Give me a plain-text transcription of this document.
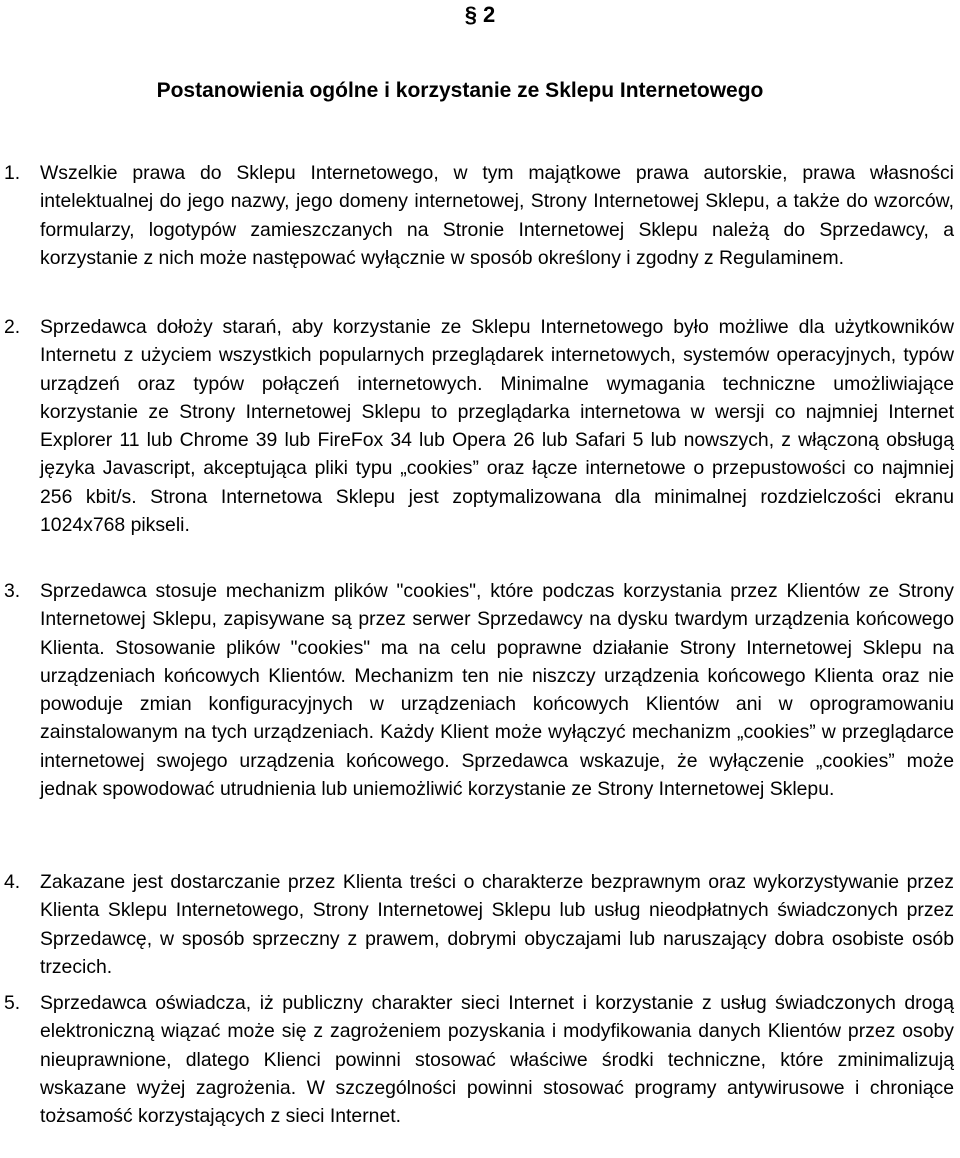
§ 2
Postanowienia ogólne i korzystanie ze Sklepu Internetowego
1.	Wszelkie prawa do Sklepu Internetowego, w tym majątkowe prawa autorskie, prawa własności intelektualnej do jego nazwy, jego domeny internetowej, Strony Internetowej Sklepu, a także do wzorców, formularzy, logotypów zamieszczanych na Stronie Internetowej Sklepu należą do Sprzedawcy, a korzystanie z nich może następować wyłącznie w sposób określony i zgodny z Regulaminem.
2.	Sprzedawca dołoży starań, aby korzystanie ze Sklepu Internetowego było możliwe dla użytkowników Internetu z użyciem wszystkich popularnych przeglądarek internetowych, systemów operacyjnych, typów urządzeń oraz typów połączeń internetowych. Minimalne wymagania techniczne umożliwiające korzystanie ze Strony Internetowej Sklepu to przeglądarka internetowa w wersji co najmniej Internet Explorer 11 lub Chrome 39 lub FireFox 34 lub Opera 26 lub Safari 5 lub nowszych, z włączoną obsługą języka Javascript, akceptująca pliki typu „cookies” oraz łącze internetowe o przepustowości co najmniej 256 kbit/s. Strona Internetowa Sklepu jest zoptymalizowana dla minimalnej rozdzielczości ekranu 1024x768 pikseli.
3.	Sprzedawca stosuje mechanizm plików "cookies", które podczas korzystania przez Klientów ze Strony Internetowej Sklepu, zapisywane są przez serwer Sprzedawcy na dysku twardym urządzenia końcowego Klienta. Stosowanie plików "cookies" ma na celu poprawne działanie Strony Internetowej Sklepu na urządzeniach końcowych Klientów. Mechanizm ten nie niszczy urządzenia końcowego Klienta oraz nie powoduje zmian konfiguracyjnych w urządzeniach końcowych Klientów ani w oprogramowaniu zainstalowanym na tych urządzeniach. Każdy Klient może wyłączyć mechanizm „cookies” w przeglądarce internetowej swojego urządzenia końcowego. Sprzedawca wskazuje, że wyłączenie „cookies” może jednak spowodować utrudnienia lub uniemożliwić korzystanie ze Strony Internetowej Sklepu.
4.	Zakazane jest dostarczanie przez Klienta treści o charakterze bezprawnym oraz wykorzystywanie przez Klienta Sklepu Internetowego, Strony Internetowej Sklepu lub usług nieodpłatnych świadczonych przez Sprzedawcę, w sposób sprzeczny z prawem, dobrymi obyczajami lub naruszający dobra osobiste osób trzecich.
5.	Sprzedawca oświadcza, iż publiczny charakter sieci Internet i korzystanie z usług świadczonych drogą elektroniczną wiązać może się z zagrożeniem pozyskania i modyfikowania danych Klientów przez osoby nieuprawnione, dlatego Klienci powinni stosować właściwe środki techniczne, które zminimalizują wskazane wyżej zagrożenia. W szczególności powinni stosować programy antywirusowe i chroniące tożsamość korzystających z sieci Internet.
